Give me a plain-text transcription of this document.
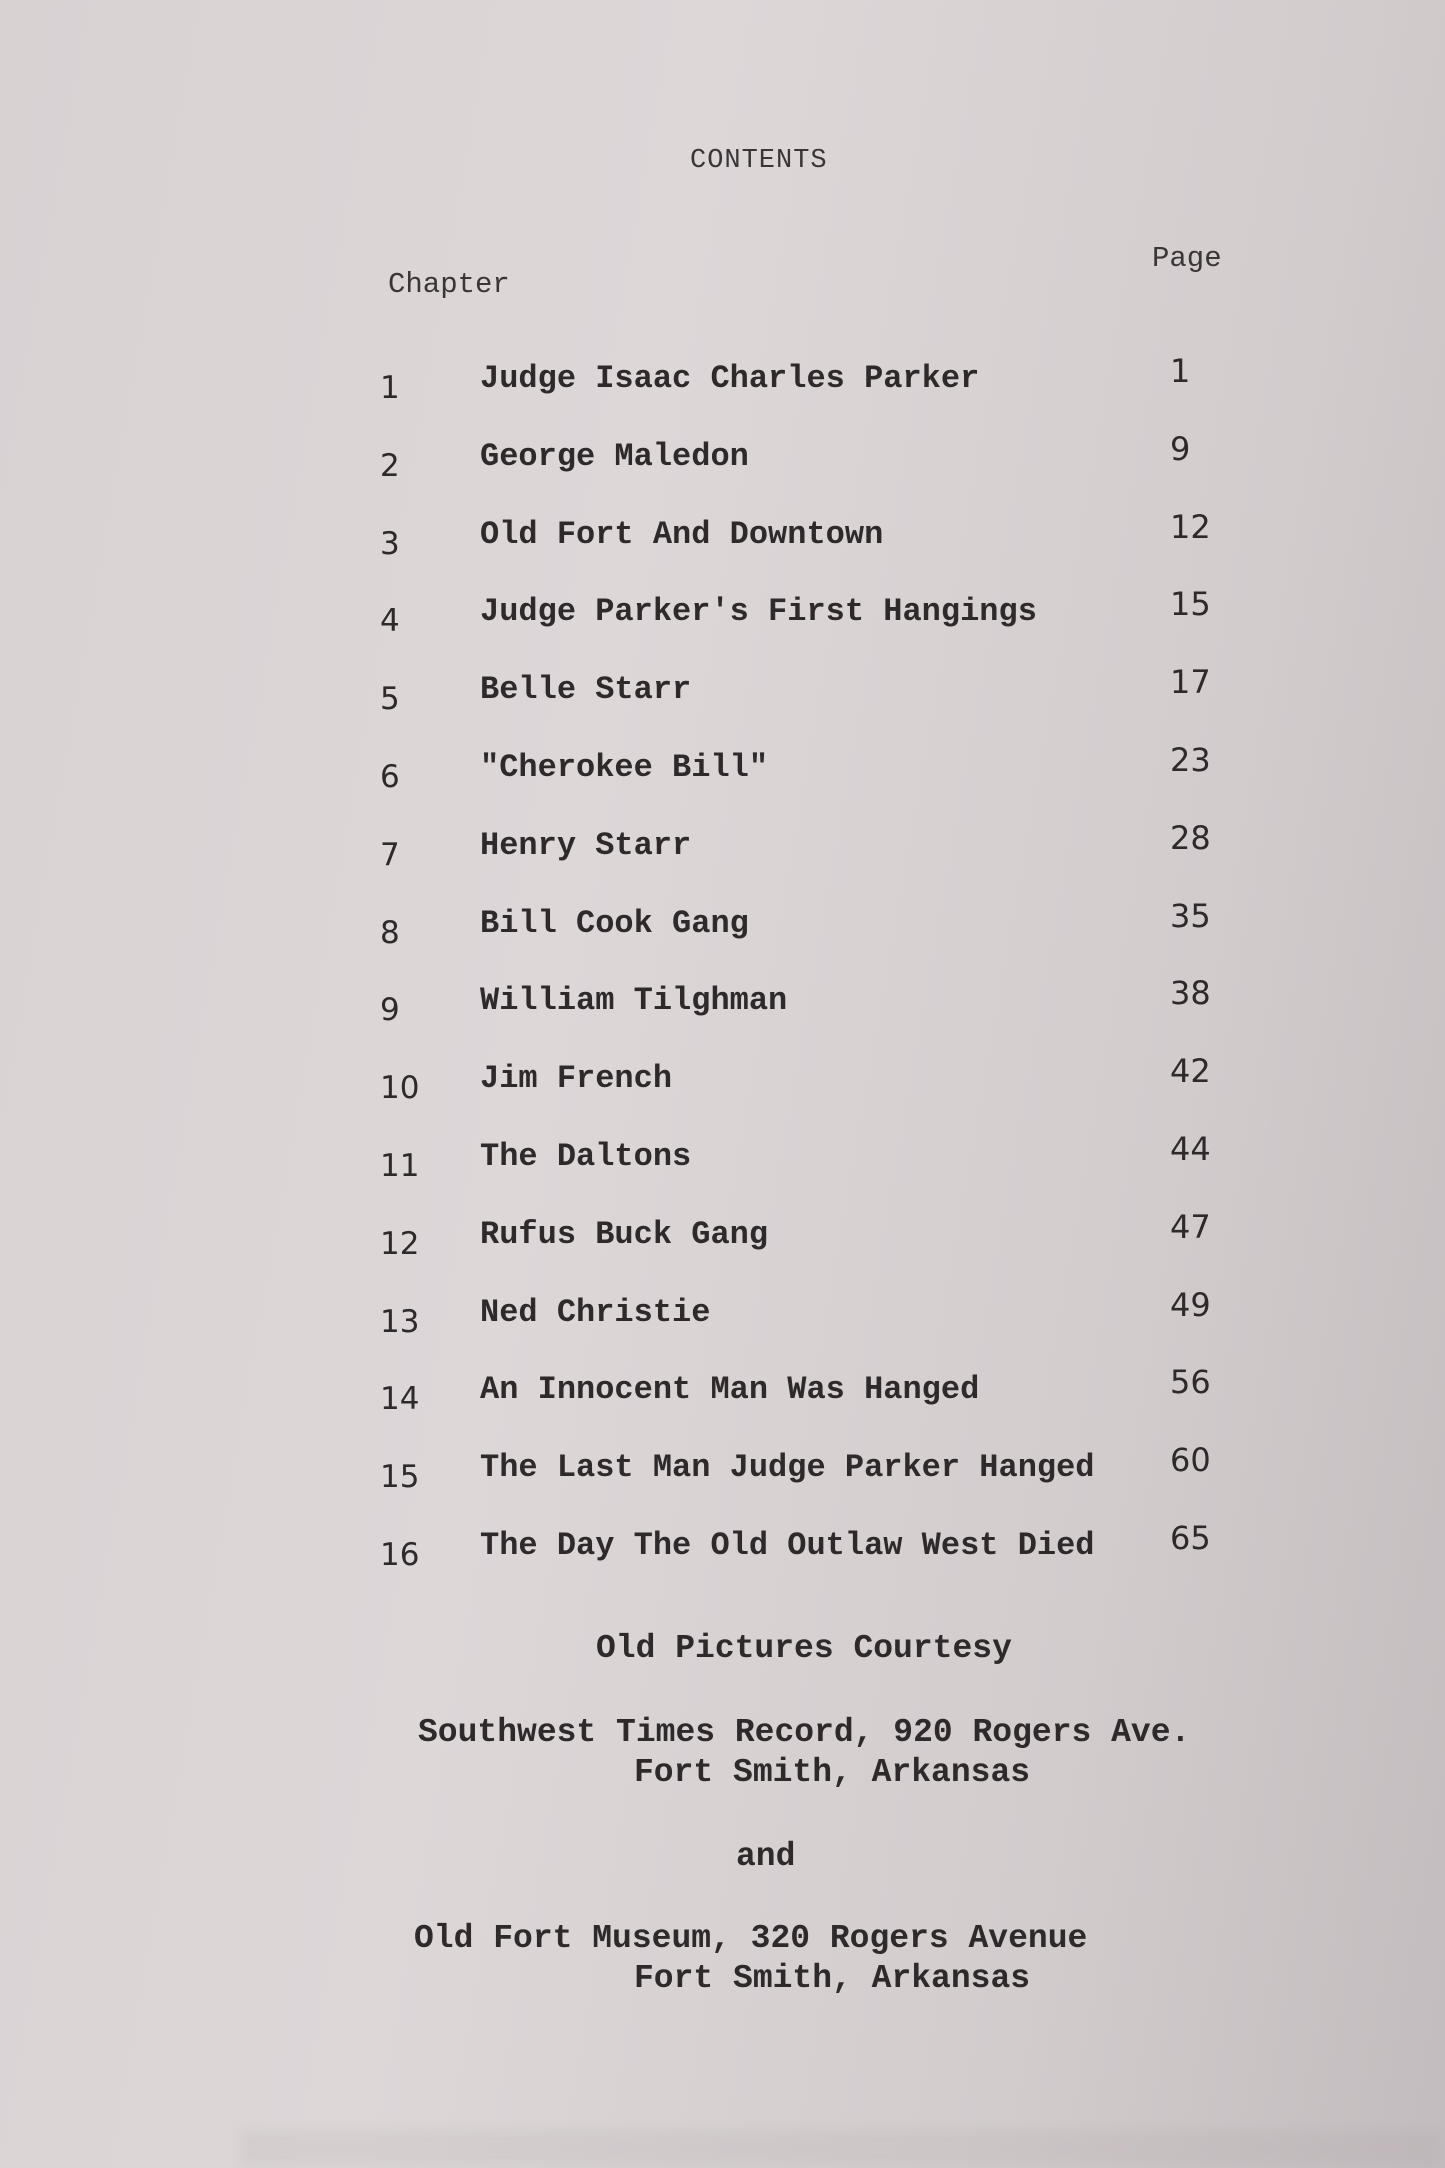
CONTENTS
Chapter
Page
1	Judge Isaac Charles Parker	1
2	George Maledon	9
3	Old Fort And Downtown	12
4	Judge Parker's First Hangings	15
5	Belle Starr	17
6	"Cherokee Bill"	23
7	Henry Starr	28
8	Bill Cook Gang	35
9	William Tilghman	38
10 Jim French	42
11 The Daltons	44
12 Rufus Buck Gang	47
13 Ned Christie	49
14 An Innocent Man Was Hanged	56
15 The Last Man Judge Parker Hanged 60
16 The Day The Old Outlaw West Died 65
Old Pictures Courtesy
Southwest Times Record, 920 Rogers Ave.
Fort Smith, Arkansas
and
Old Fort Museum, 320 Rogers Avenue
Fort Smith, Arkansas
